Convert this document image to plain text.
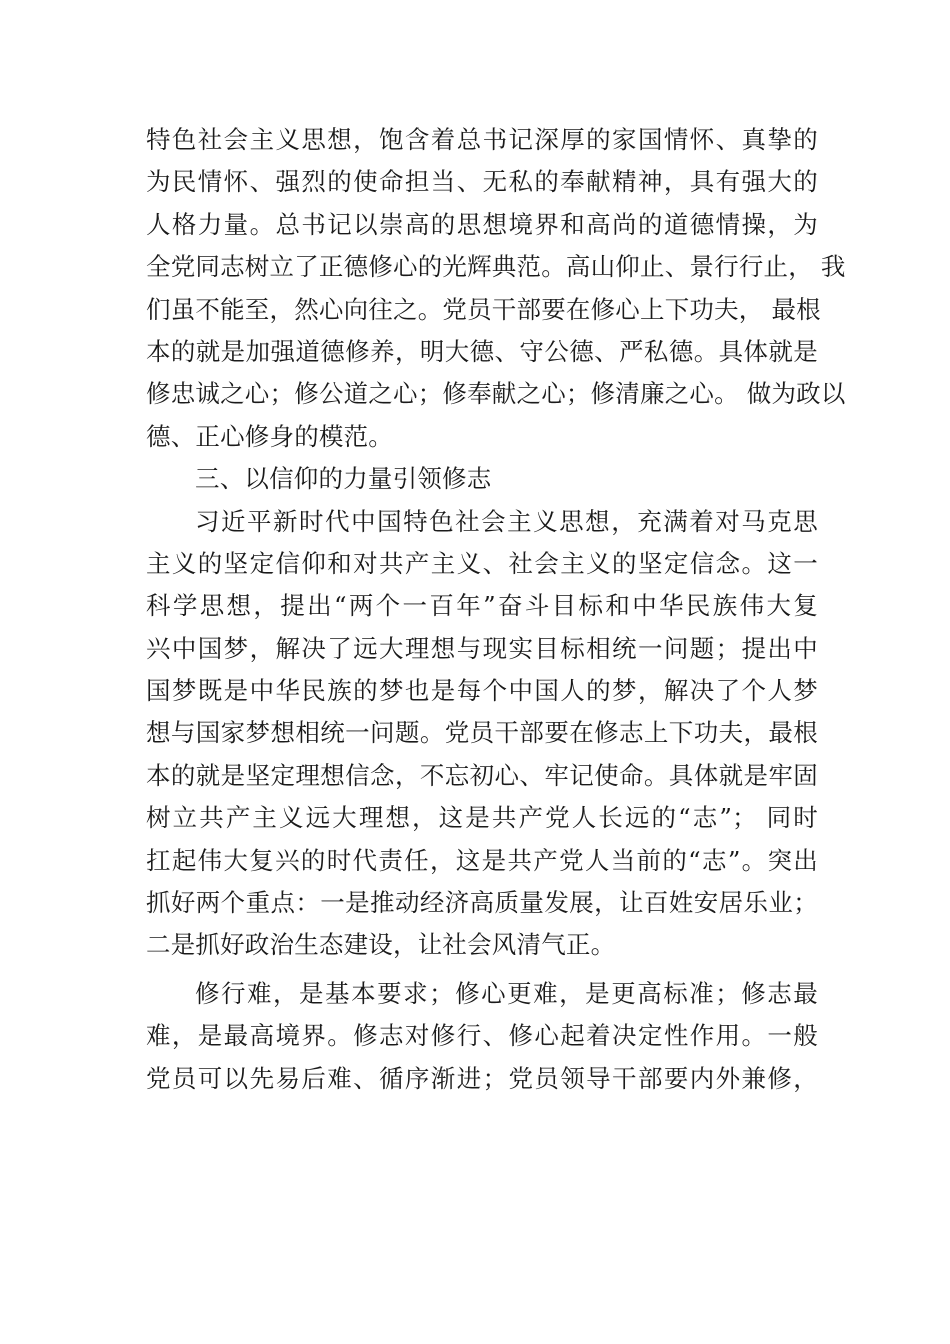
特色社会主义思想，饱含着总书记深厚的家国情怀、真挚的
为民情怀、强烈的使命担当、无私的奉献精神，具有强大的
人格力量。总书记以崇高的思想境界和高尚的道德情操，为
全党同志树立了正德修心的光辉典范。高山仰止、景行行止， 我
们虽不能至，然心向往之。党员干部要在修心上下功夫， 最根
本的就是加强道德修养，明大德、守公德、严私德。具体就是
修忠诚之心；修公道之心；修奉献之心；修清廉之心。 做为政以
德、正心修身的模范。
三、以信仰的力量引领修志
习近平新时代中国特色社会主义思想，充满着对马克思
主义的坚定信仰和对共产主义、社会主义的坚定信念。这一
科学思想，提出“两个一百年”奋斗目标和中华民族伟大复
兴中国梦，解决了远大理想与现实目标相统一问题；提出中
国梦既是中华民族的梦也是每个中国人的梦，解决了个人梦
想与国家梦想相统一问题。党员干部要在修志上下功夫，最根
本的就是坚定理想信念，不忘初心、牢记使命。具体就是牢固
树立共产主义远大理想，这是共产党人长远的“志”； 同时
扛起伟大复兴的时代责任，这是共产党人当前的“志”。突出
抓好两个重点：一是推动经济高质量发展，让百姓安居乐业；
二是抓好政治生态建设，让社会风清气正。
修行难，是基本要求；修心更难，是更高标准；修志最
难，是最高境界。修志对修行、修心起着决定性作用。一般
党员可以先易后难、循序渐进；党员领导干部要内外兼修，
